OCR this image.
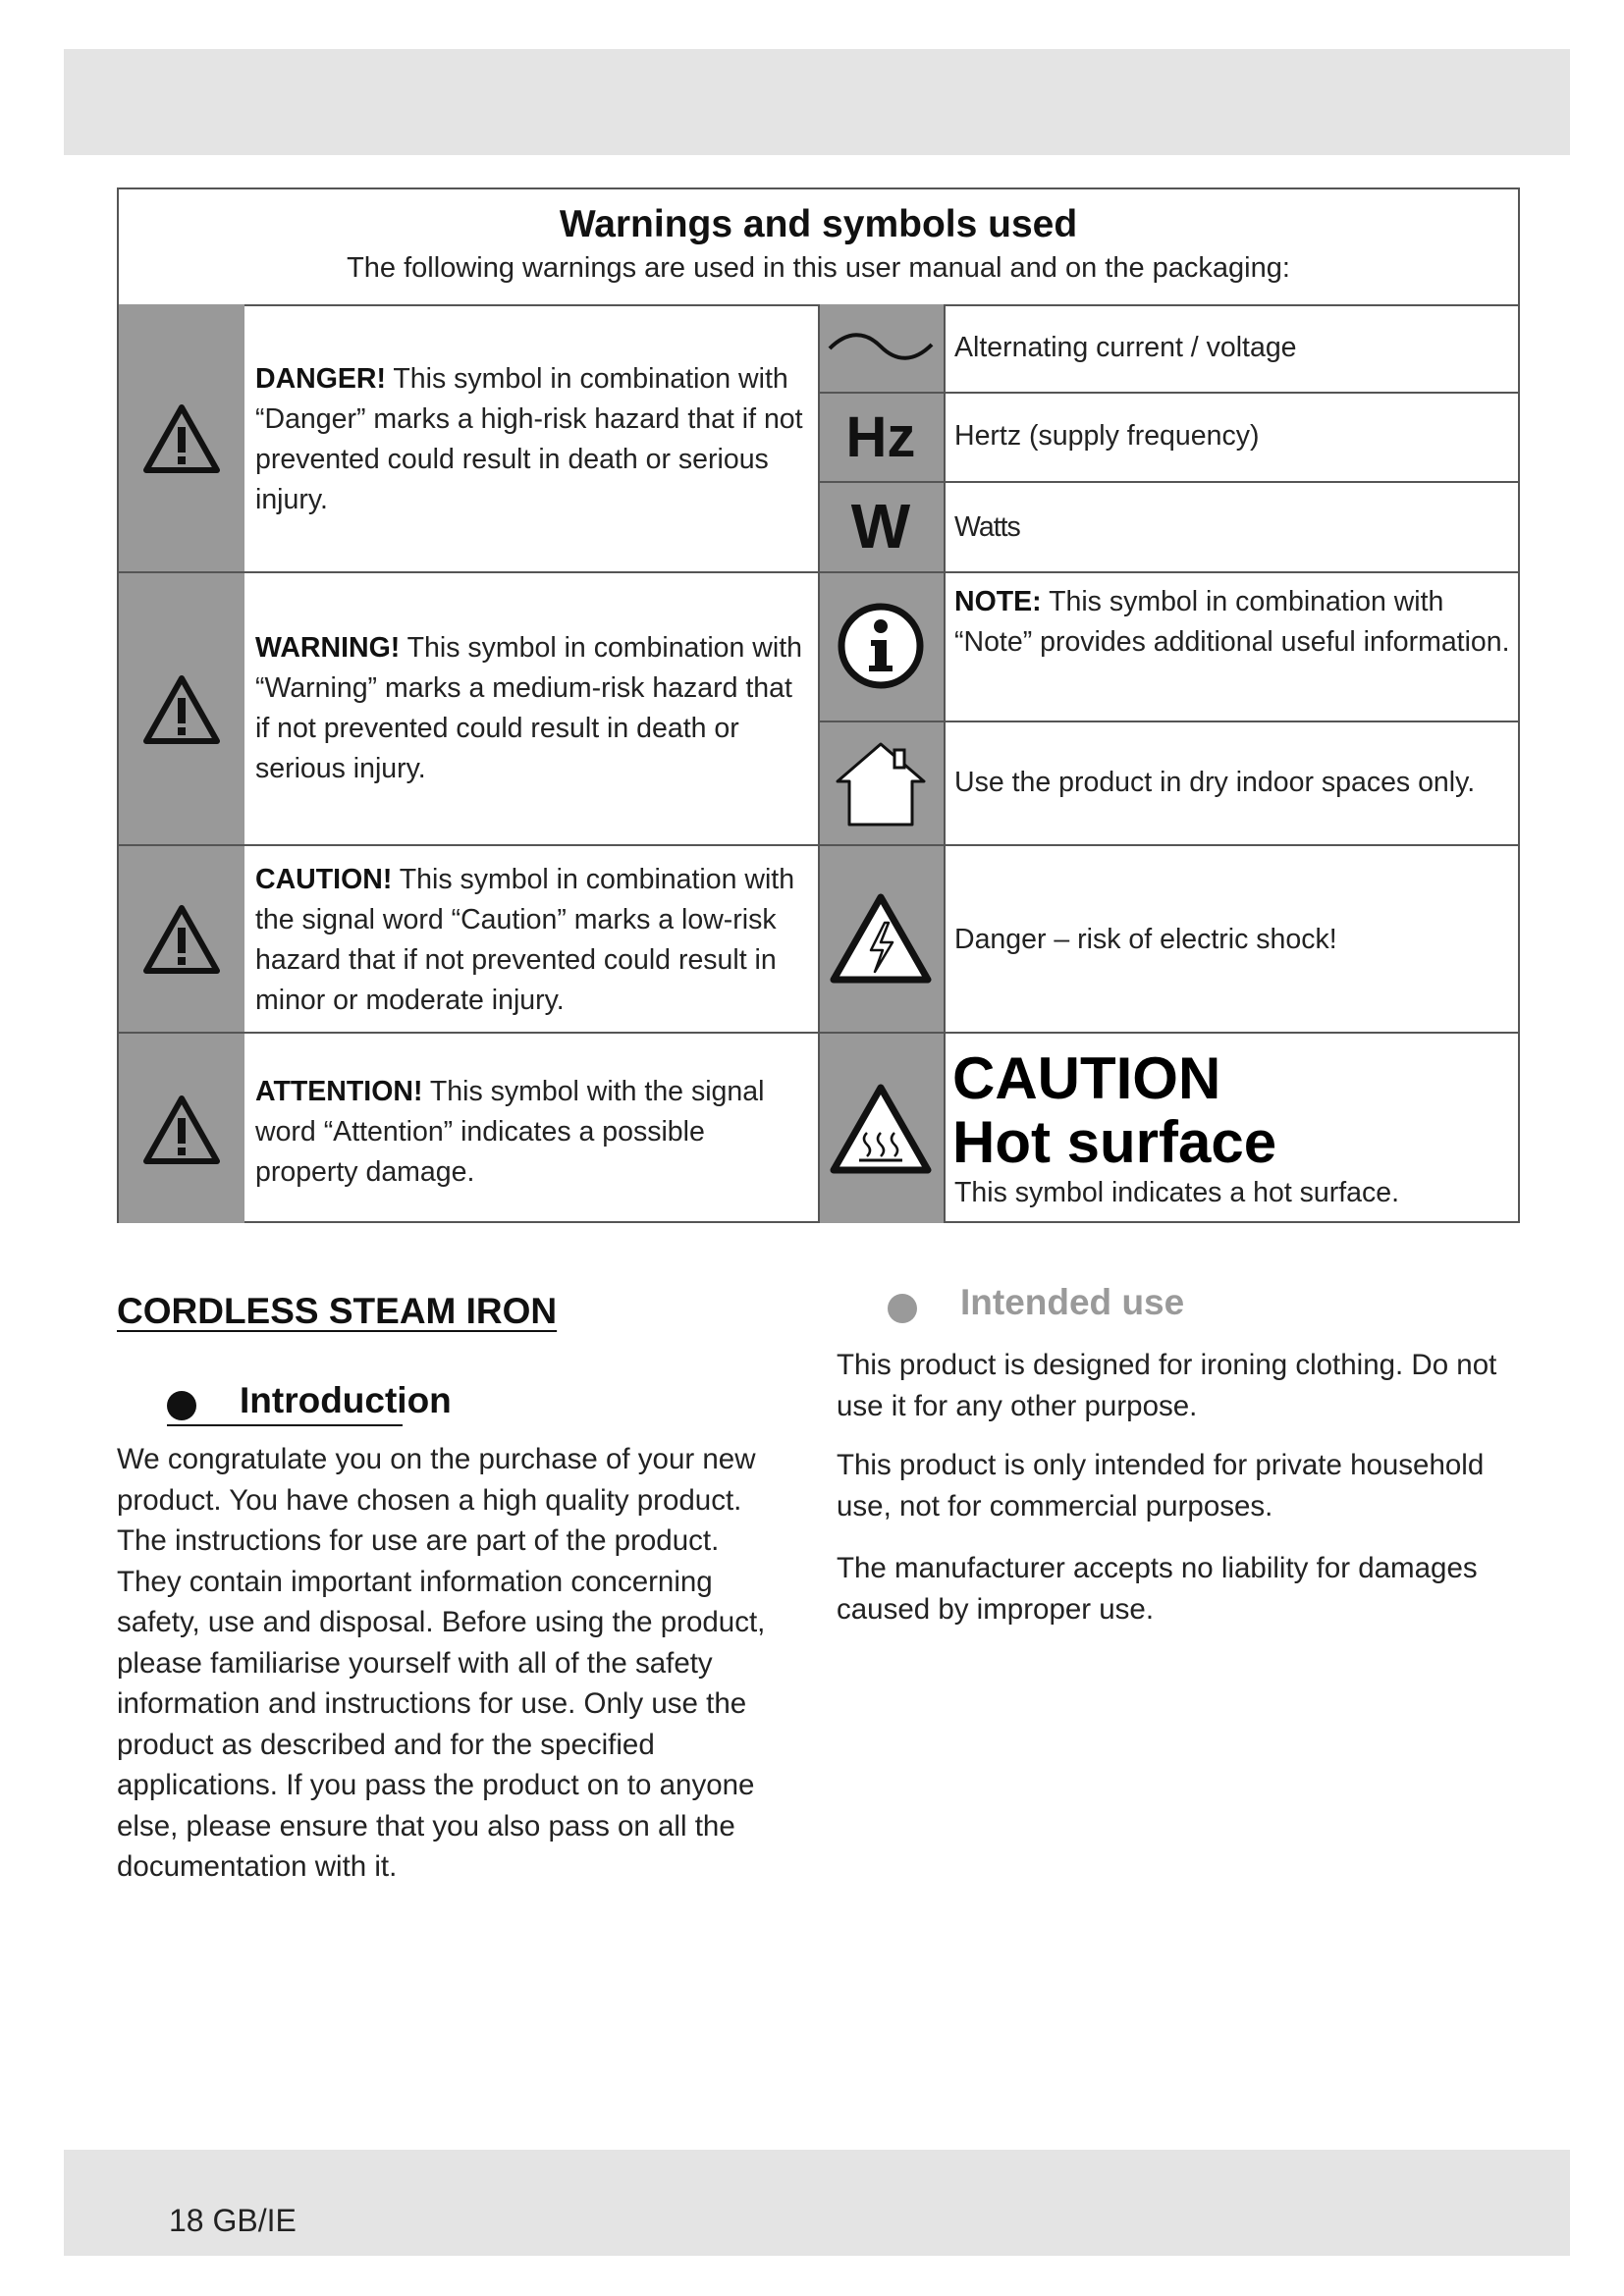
Warnings and symbols used

The following warnings are used in this user manual and on the packaging:

DANGER! This symbol in combination with “Danger” marks a high-risk hazard that if not prevented could result in death or serious injury.
WARNING! This symbol in combination with “Warning” marks a medium-risk hazard that if not prevented could result in death or serious injury.
CAUTION! This symbol in combination with the signal word “Caution” marks a low-risk hazard that if not prevented could result in minor or moderate injury.
ATTENTION! This symbol with the signal word “Attention” indicates a possible property damage.
Hz
W
Alternating current / voltage
Hertz (supply frequency)
Watts
NOTE: This symbol in combination with “Note” provides additional useful information.
Use the product in dry indoor spaces only.
Danger – risk of electric shock!
CAUTION
Hot surface
This symbol indicates a hot surface.
CORDLESS STEAM IRON
Introduction
We congratulate you on the purchase of your new product. You have chosen a high quality product. The instructions for use are part of the product. They contain important information concerning safety, use and disposal. Before using the product, please familiarise yourself with all of the safety information and instructions for use. Only use the product as described and for the specified applications. If you pass the product on to anyone else, please ensure that you also pass on all the documentation with it.
Intended use
This product is designed for ironing clothing. Do not use it for any other purpose.
This product is only intended for private household use, not for commercial purposes.
The manufacturer accepts no liability for damages caused by improper use.
18 GB/IE
